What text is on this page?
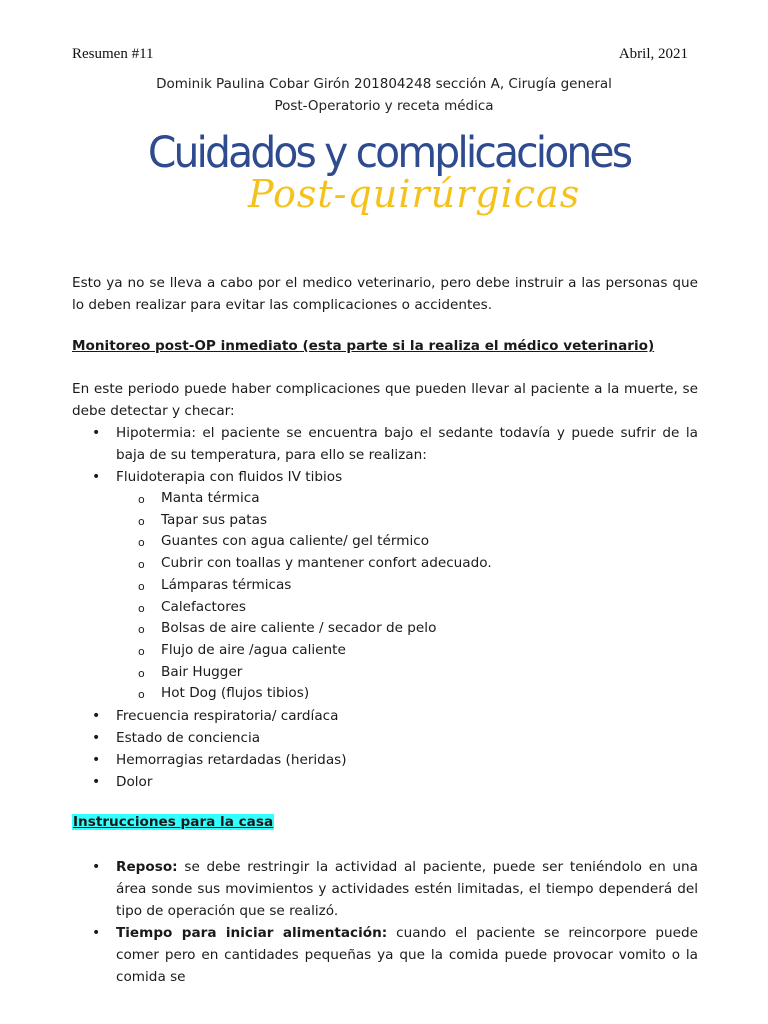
Resumen #11	Abril, 2021
Dominik Paulina Cobar Girón 201804248 sección A, Cirugía general
Post-Operatorio y receta médica
Cuidados y complicaciones
Post-quirúrgicas
Esto ya no se lleva a cabo por el medico veterinario, pero debe instruir a las personas que lo deben realizar para evitar las complicaciones o accidentes.
Monitoreo post-OP inmediato (esta parte si la realiza el médico veterinario)
En este periodo puede haber complicaciones que pueden llevar al paciente a la muerte, se debe detectar y checar:
• Hipotermia: el paciente se encuentra bajo el sedante todavía y puede sufrir de la baja de su temperatura, para ello se realizan:
• Fluidoterapia con fluidos IV tibios
o Manta térmica
o Tapar sus patas
o Guantes con agua caliente/ gel térmico
o Cubrir con toallas y mantener confort adecuado.
o Lámparas térmicas
o Calefactores
o Bolsas de aire caliente / secador de pelo
o Flujo de aire /agua caliente
o Bair Hugger
o Hot Dog (flujos tibios)
• Frecuencia respiratoria/ cardíaca
• Estado de conciencia
• Hemorragias retardadas (heridas)
• Dolor
Instrucciones para la casa
• Reposo: se debe restringir la actividad al paciente, puede ser teniéndolo en una área sonde sus movimientos y actividades estén limitadas, el tiempo dependerá del tipo de operación que se realizó.
• Tiempo para iniciar alimentación: cuando el paciente se reincorpore puede comer pero en cantidades pequeñas ya que la comida puede provocar vomito o la comida se
